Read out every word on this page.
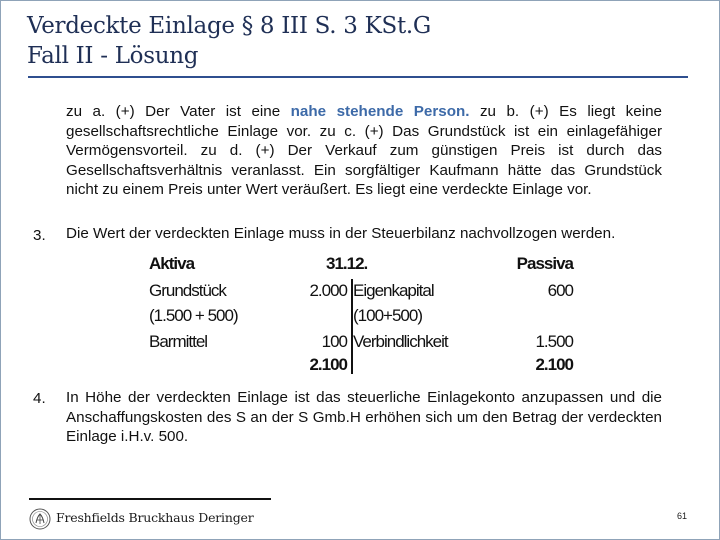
Verdeckte Einlage § 8 III S. 3 KSt.G
Fall II - Lösung
zu a. (+) Der Vater ist eine nahe stehende Person. zu b. (+) Es liegt keine gesellschaftsrechtliche Einlage vor. zu c. (+) Das Grundstück ist ein einlagefähiger Vermögensvorteil. zu d. (+) Der Verkauf zum günstigen Preis ist durch das Gesellschaftsverhältnis veranlasst. Ein sorgfältiger Kaufmann hätte das Grundstück nicht zu einem Preis unter Wert veräußert. Es liegt eine verdeckte Einlage vor.
3. Die Wert der verdeckten Einlage muss in der Steuerbilanz nachvollzogen werden.
Aktiva	31.12.	Passiva
Grundstück	2.000 Eigenkapital	600
(1.500 + 500)	(100+500)
Barmittel	100 Verbindlichkeit	1.500
2.100	2.100
4. In Höhe der verdeckten Einlage ist das steuerliche Einlagekonto anzupassen und die Anschaffungskosten des S an der S Gmb.H erhöhen sich um den Betrag der verdeckten Einlage i.H.v. 500.
Freshfields Bruckhaus Deringer	61
